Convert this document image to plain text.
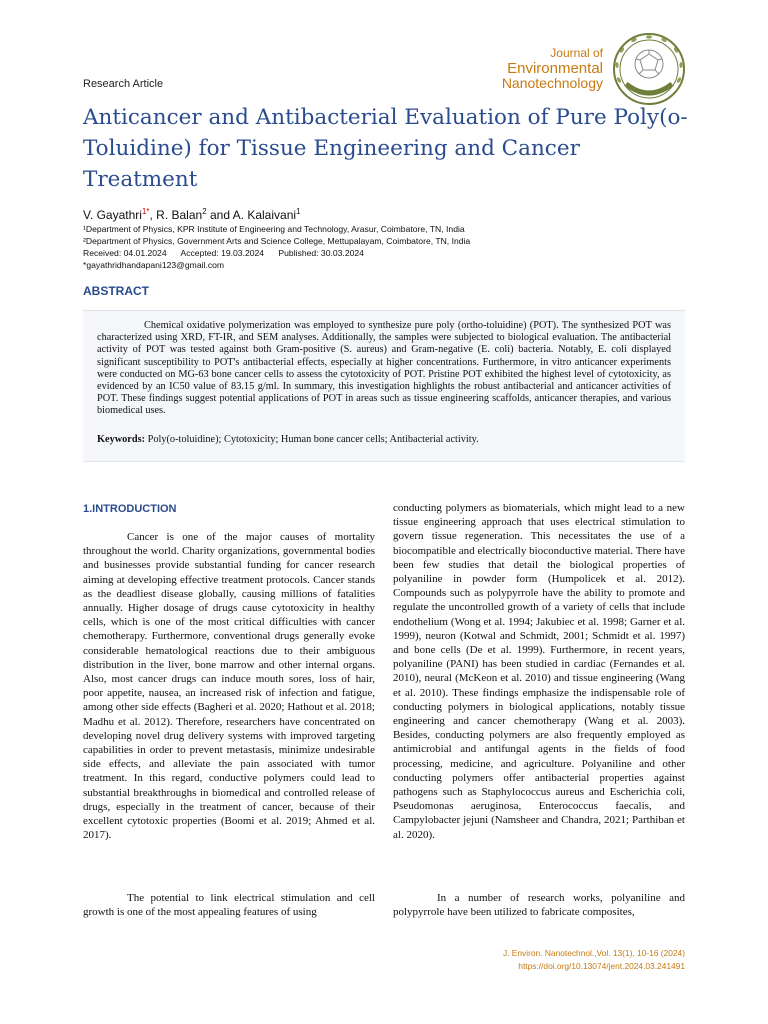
Research Article
Journal of
Environmental
Nanotechnology
Anticancer and Antibacterial Evaluation of Pure Poly(o-Toluidine) for Tissue Engineering and Cancer Treatment
V. Gayathri$^{1*}$, R. Balan$^2$ and A. Kalaivani$^1$
¹Department of Physics, KPR Institute of Engineering and Technology, Arasur, Coimbatore, TN, India
²Department of Physics, Government Arts and Science College, Mettupalayam, Coimbatore, TN, India
Received: 04.01.2024      Accepted: 19.03.2024      Published: 30.03.2024
*gayathridhandapani123@gmail.com
ABSTRACT
Chemical oxidative polymerization was employed to synthesize pure poly (ortho-toluidine) (POT). The synthesized POT was characterized using XRD, FT-IR, and SEM analyses. Additionally, the samples were subjected to biological evaluation. The antibacterial activity of POT was tested against both Gram-positive (S. aureus) and Gram-negative (E. coli) bacteria. Notably, E. coli displayed significant susceptibility to POT's antibacterial effects, especially at higher concentrations. Furthermore, in vitro anticancer experiments were conducted on MG-63 bone cancer cells to assess the cytotoxicity of POT. Pristine POT exhibited the highest level of cytotoxicity, as evidenced by an IC50 value of 83.15 g/ml. In summary, this investigation highlights the robust antibacterial and anticancer activities of POT. These findings suggest potential applications of POT in areas such as tissue engineering scaffolds, anticancer therapies, and various biomedical uses.
Keywords: Poly(o-toluidine); Cytotoxicity; Human bone cancer cells; Antibacterial activity.
1.INTRODUCTION

Cancer is one of the major causes of mortality throughout the world. Charity organizations, governmental bodies and businesses provide substantial funding for cancer research aiming at developing effective treatment protocols. Cancer stands as the deadliest disease globally, causing millions of fatalities annually. Higher dosage of drugs cause cytotoxicity in healthy cells, which is one of the most critical difficulties with cancer chemotherapy. Furthermore, conventional drugs generally evoke considerable hematological reactions due to their ambiguous distribution in the liver, bone marrow and other internal organs. Also, most cancer drugs can induce mouth sores, loss of hair, poor appetite, nausea, an increased risk of infection and fatigue, among other side effects (Bagheri et al. 2020; Hathout et al. 2018; Madhu et al. 2012). Therefore, researchers have concentrated on developing novel drug delivery systems with improved targeting capabilities in order to prevent metastasis, minimize undesirable side effects, and alleviate the pain associated with tumor treatment. In this regard, conductive polymers could lead to substantial breakthroughs in biomedical and controlled release of drugs, especially in the treatment of cancer, because of their excellent cytotoxic properties (Boomi et al. 2019; Ahmed et al. 2017).

The potential to link electrical stimulation and cell growth is one of the most appealing features of using

conducting polymers as biomaterials, which might lead to a new tissue engineering approach that uses electrical stimulation to govern tissue regeneration. This necessitates the use of a biocompatible and electrically bioconductive material. There have been few studies that detail the biological properties of polyaniline in powder form (Humpolicek et al. 2012). Compounds such as polypyrrole have the ability to promote and regulate the uncontrolled growth of a variety of cells that include endothelium (Wong et al. 1994; Jakubiec et al. 1998; Garner et al. 1999), neuron (Kotwal and Schmidt, 2001; Schmidt et al. 1997) and bone cells (De et al. 1999). Furthermore, in recent years, polyaniline (PANI) has been studied in cardiac (Fernandes et al. 2010), neural (McKeon et al. 2010) and tissue engineering (Wang et al. 2010). These findings emphasize the indispensable role of conducting polymers in biological applications, notably tissue engineering and cancer chemotherapy (Wang et al. 2003). Besides, conducting polymers are also frequently employed as antimicrobial and antifungal agents in the fields of food processing, medicine, and agriculture. Polyaniline and other conducting polymers offer antibacterial properties against pathogens such as Staphylococcus aureus and Escherichia coli, Pseudomonas aeruginosa, Enterococcus faecalis, and Campylobacter jejuni (Namsheer and Chandra, 2021; Parthiban et al. 2020).

In a number of research works, polyaniline and polypyrrole have been utilized to fabricate composites,

J. Environ. Nanotechnol.,Vol. 13(1), 10-16 (2024)
https://doi.org/10.13074/jent.2024.03.241491
